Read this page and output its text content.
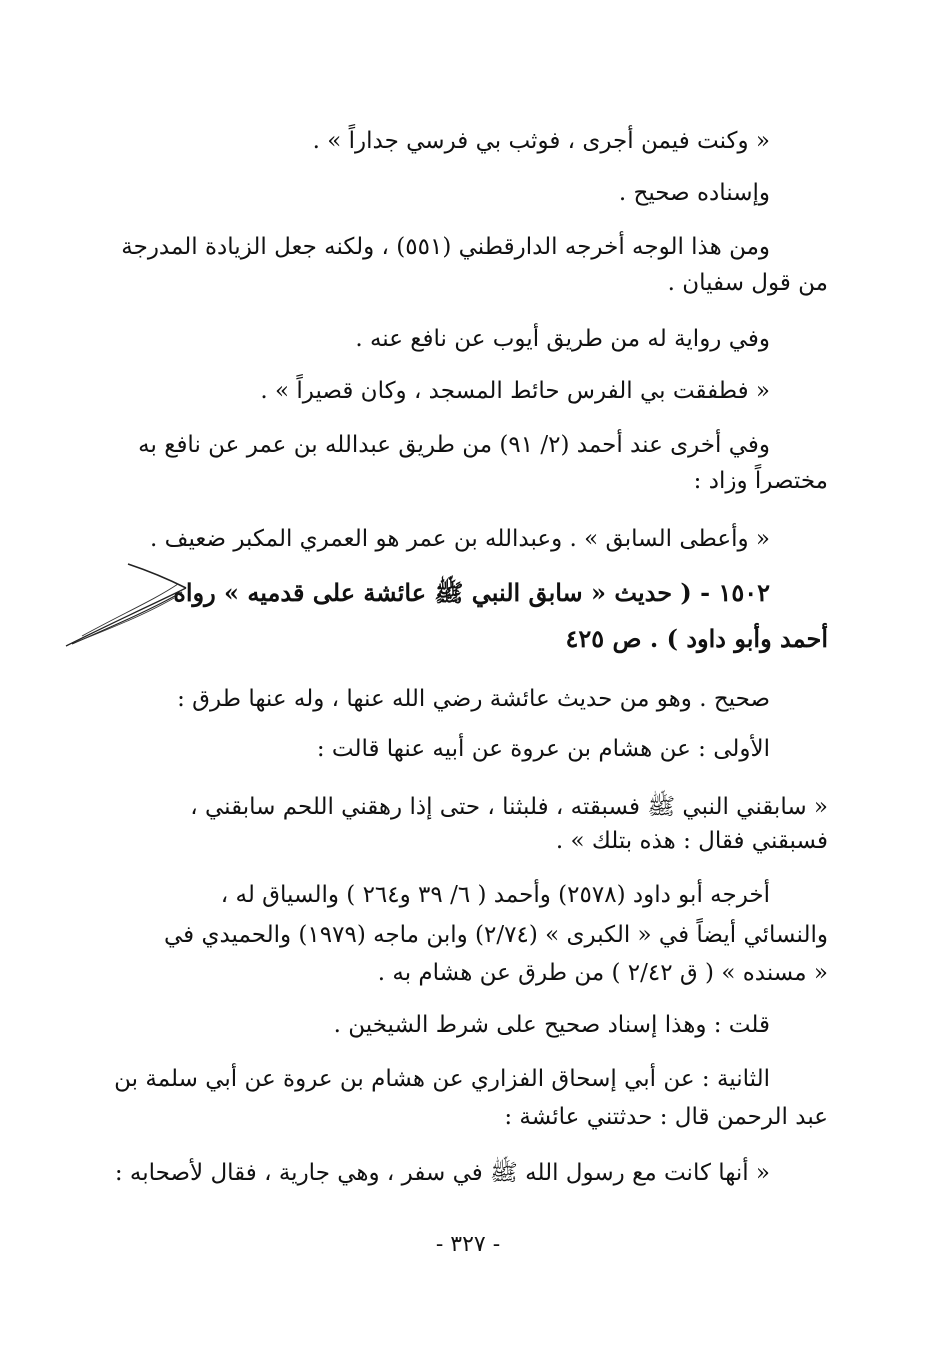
« وكنت فيمن أجرى ، فوثب بي فرسي جداراً » .
وإسناده صحيح .
ومن هذا الوجه أخرجه الدارقطني (٥٥١) ، ولكنه جعل الزيادة المدرجة
من قول سفيان .
وفي رواية له من طريق أيوب عن نافع عنه .
« فطفقت بي الفرس حائط المسجد ، وكان قصيراً » .
وفي أخرى عند أحمد (٢/ ٩١) من طريق عبدالله بن عمر عن نافع به
مختصراً وزاد :
« وأعطى السابق » . وعبدالله بن عمر هو العمري المكبر ضعيف .
١٥٠٢ - ( حديث « سابق النبي ﷺ عائشة على قدميه » رواه
أحمد وأبو داود ) . ص ٤٢٥
صحيح . وهو من حديث عائشة رضي الله عنها ، وله عنها طرق :
الأولى : عن هشام بن عروة عن أبيه عنها قالت :
« سابقني النبي ﷺ فسبقته ، فلبثنا ، حتى إذا رهقني اللحم سابقني ،
فسبقني فقال : هذه بتلك » .
أخرجه أبو داود (٢٥٧٨) وأحمد ( ٦/ ٣٩ و٢٦٤ ) والسياق له ،
والنسائي أيضاً في « الكبرى » (٢/٧٤) وابن ماجه (١٩٧٩) والحميدي في
« مسنده » ( ق ٢/٤٢ ) من طرق عن هشام به .
قلت : وهذا إسناد صحيح على شرط الشيخين .
الثانية : عن أبي إسحاق الفزاري عن هشام بن عروة عن أبي سلمة بن
عبد الرحمن قال : حدثتني عائشة :
« أنها كانت مع رسول الله ﷺ في سفر ، وهي جارية ، فقال لأصحابه :
- ٣٢٧ -
